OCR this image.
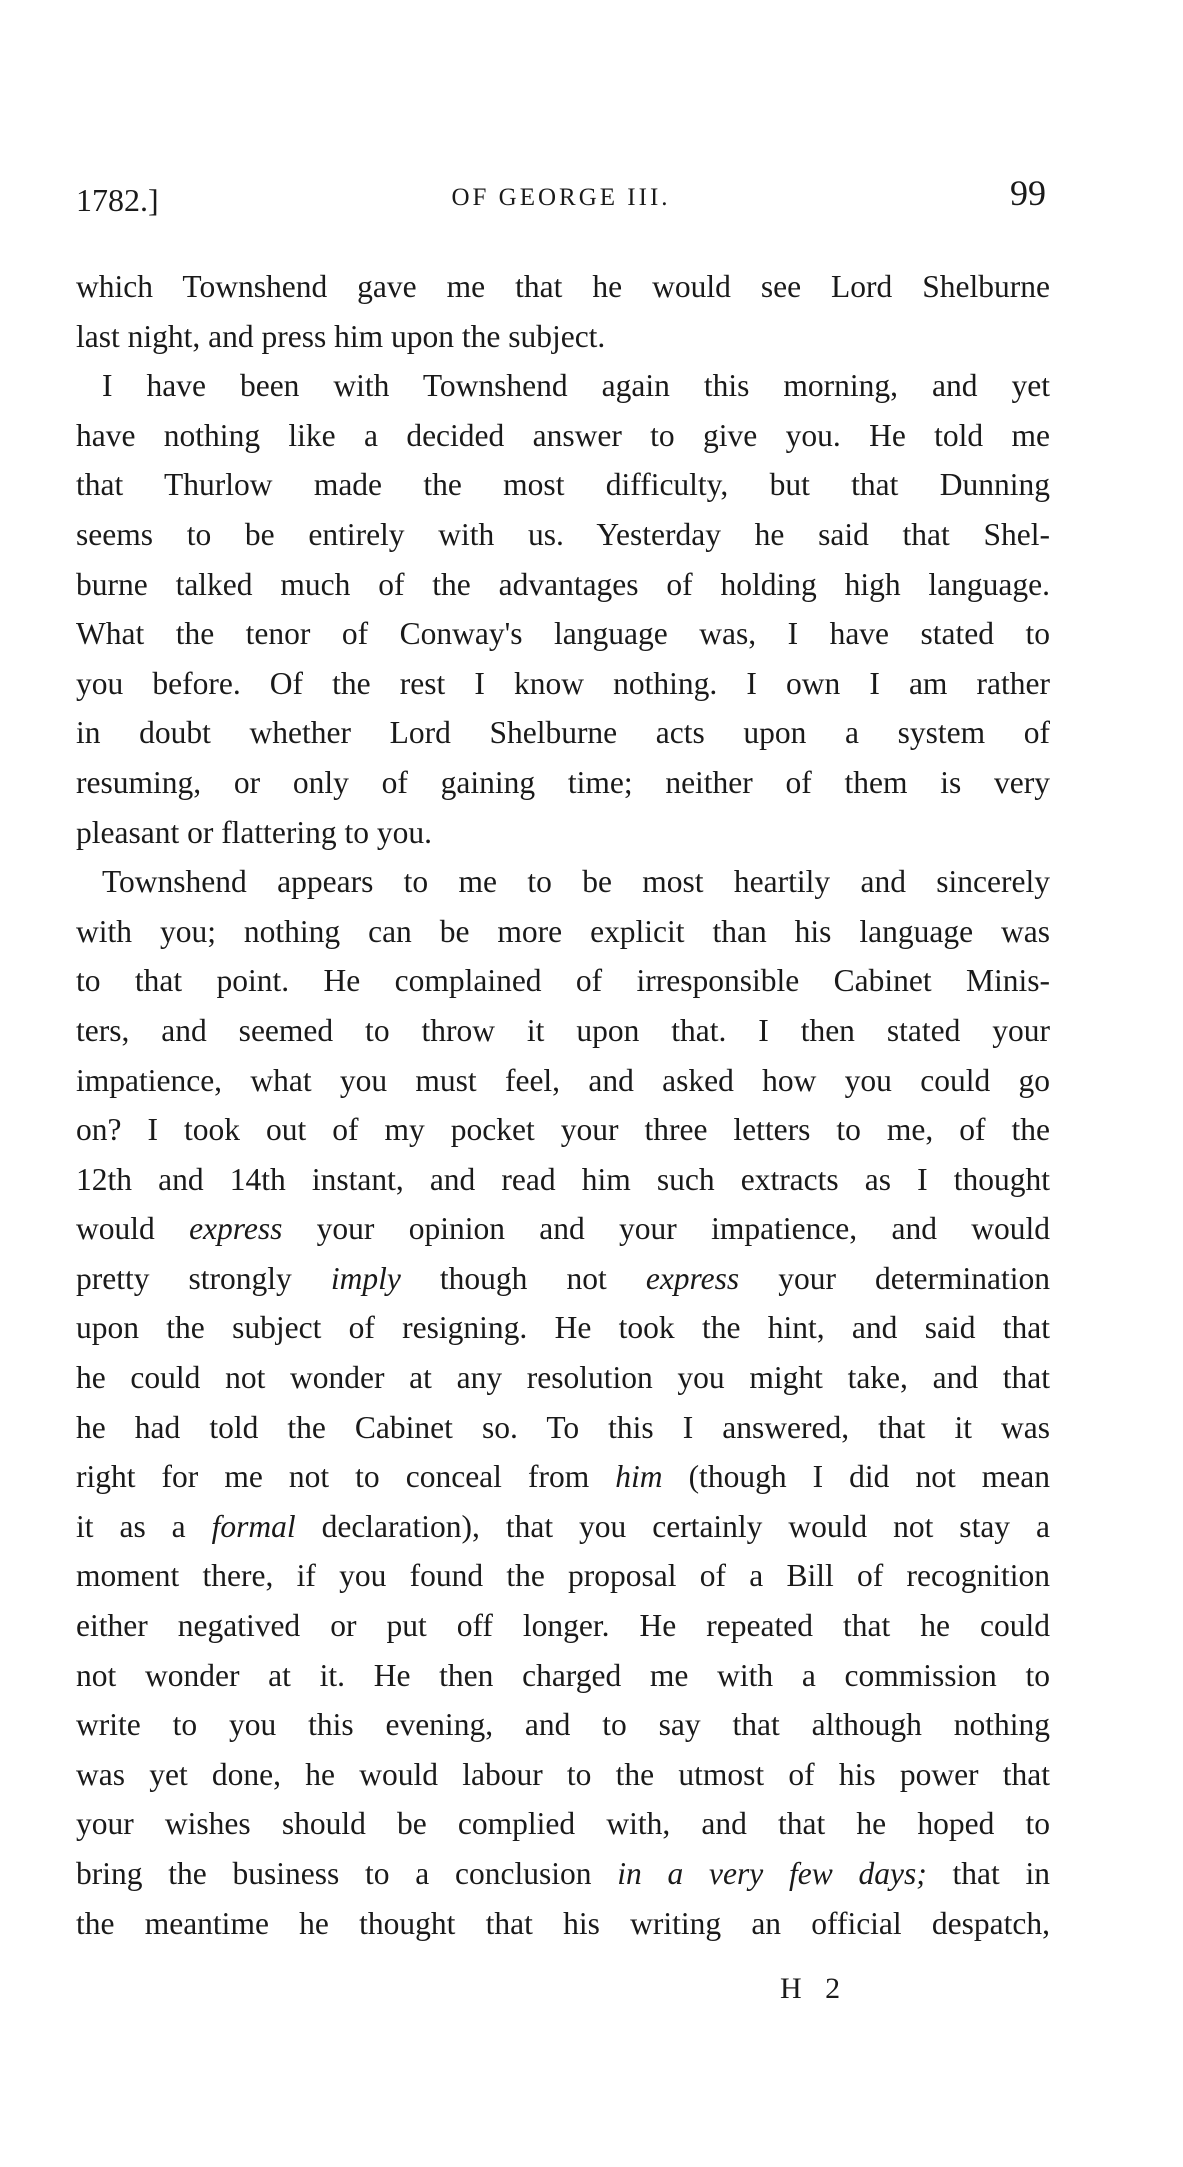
1782.]	OF GEORGE III.	99
which Townshend gave me that he would see Lord Shelburne
last night, and press him upon the subject.
I have been with Townshend again this morning, and yet
have nothing like a decided answer to give you. He told me
that Thurlow made the most difficulty, but that Dunning
seems to be entirely with us. Yesterday he said that Shel-
burne talked much of the advantages of holding high language.
What the tenor of Conway's language was, I have stated to
you before. Of the rest I know nothing. I own I am rather
in doubt whether Lord Shelburne acts upon a system of
resuming, or only of gaining time; neither of them is very
pleasant or flattering to you.
Townshend appears to me to be most heartily and sincerely
with you; nothing can be more explicit than his language was
to that point. He complained of irresponsible Cabinet Minis-
ters, and seemed to throw it upon that. I then stated your
impatience, what you must feel, and asked how you could go
on? I took out of my pocket your three letters to me, of the
12th and 14th instant, and read him such extracts as I thought
would express your opinion and your impatience, and would
pretty strongly imply though not express your determination
upon the subject of resigning. He took the hint, and said that
he could not wonder at any resolution you might take, and that
he had told the Cabinet so. To this I answered, that it was
right for me not to conceal from him (though I did not mean
it as a formal declaration), that you certainly would not stay a
moment there, if you found the proposal of a Bill of recognition
either negatived or put off longer. He repeated that he could
not wonder at it. He then charged me with a commission to
write to you this evening, and to say that although nothing
was yet done, he would labour to the utmost of his power that
your wishes should be complied with, and that he hoped to
bring the business to a conclusion in a very few days; that in
the meantime he thought that his writing an official despatch,
H 2
